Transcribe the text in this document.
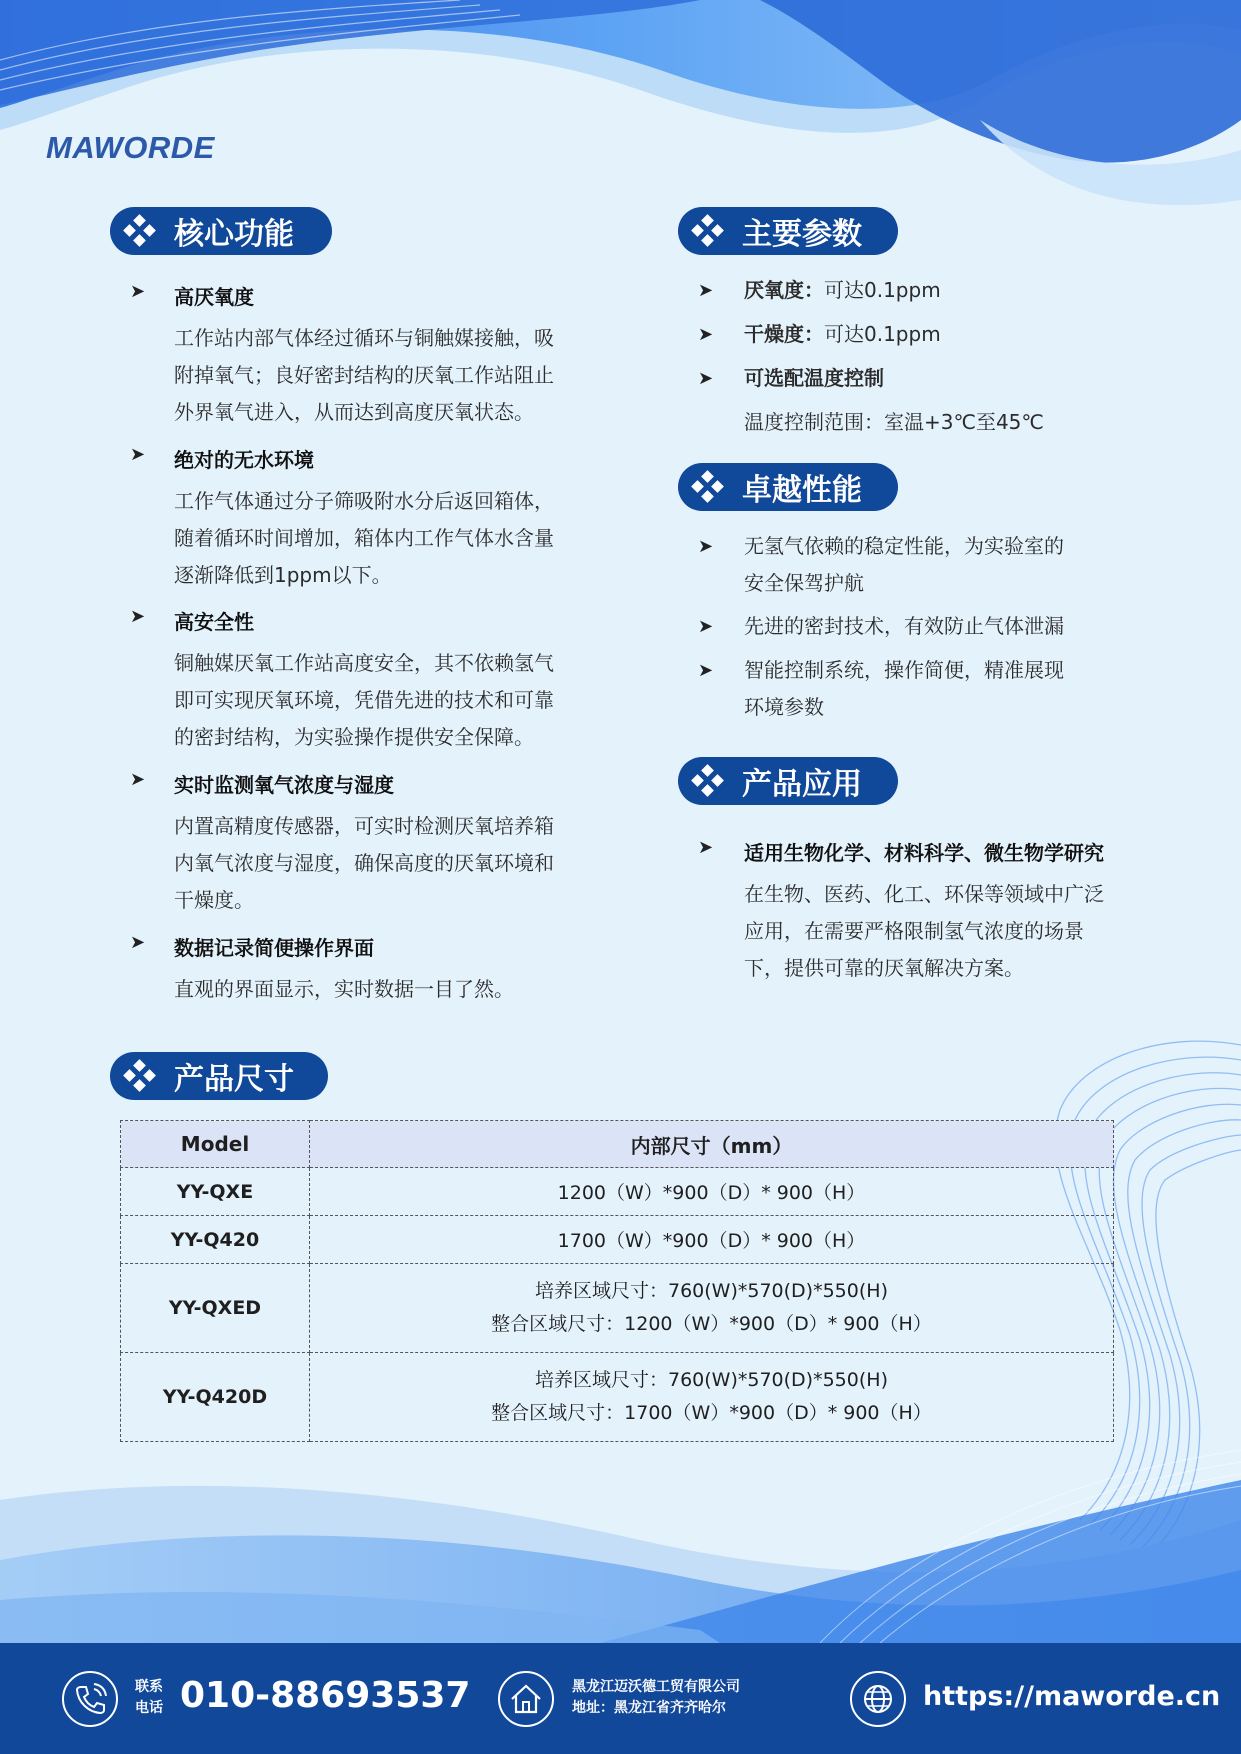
MAWORDE
核心功能
➤ 高厌氧度
工作站内部气体经过循环与铜触媒接触，吸
附掉氧气；良好密封结构的厌氧工作站阻止
外界氧气进入，从而达到高度厌氧状态。
➤ 绝对的无水环境
工作气体通过分子筛吸附水分后返回箱体，
随着循环时间增加，箱体内工作气体水含量
逐渐降低到1ppm以下。
➤ 高安全性
铜触媒厌氧工作站高度安全，其不依赖氢气
即可实现厌氧环境，凭借先进的技术和可靠
的密封结构，为实验操作提供安全保障。
➤ 实时监测氧气浓度与湿度
内置高精度传感器，可实时检测厌氧培养箱
内氧气浓度与湿度，确保高度的厌氧环境和
干燥度。
➤ 数据记录简便操作界面
直观的界面显示，实时数据一目了然。
主要参数
➤ 厌氧度：可达0.1ppm
➤ 干燥度：可达0.1ppm
➤ 可选配温度控制
温度控制范围：室温+3℃至45℃
卓越性能
➤ 无氢气依赖的稳定性能，为实验室的
安全保驾护航
➤ 先进的密封技术，有效防止气体泄漏
➤ 智能控制系统，操作简便，精准展现
环境参数
产品应用
➤ 适用生物化学、材料科学、微生物学研究
在生物、医药、化工、环保等领域中广泛
应用，在需要严格限制氢气浓度的场景
下，提供可靠的厌氧解决方案。
产品尺寸
Model	内部尺寸（mm）
YY-QXE	1200（W）*900（D）* 900（H）
YY-Q420	1700（W）*900（D）* 900（H）
YY-QXED	培养区域尺寸：760(W)*570(D)*550(H)
整合区域尺寸：1200（W）*900（D）* 900（H）

YY-Q420D	培养区域尺寸：760(W)*570(D)*550(H)
整合区域尺寸：1700（W）*900（D）* 900（H）
联系
电话 010-88693537	黑龙江迈沃德工贸有限公司
地址：黑龙江省齐齐哈尔	https://maworde.cn
